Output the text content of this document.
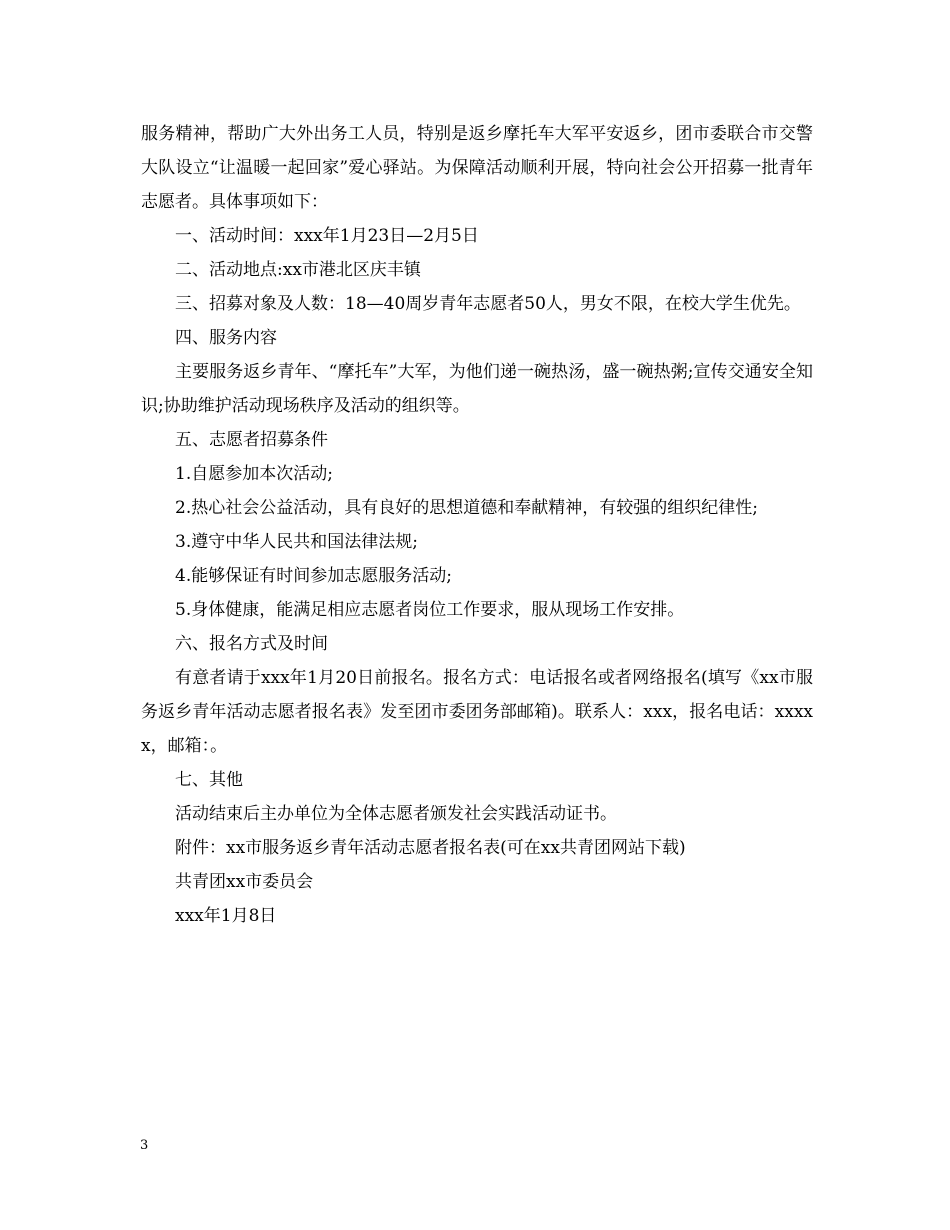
服务精神，帮助广大外出务工人员，特别是返乡摩托车大军平安返乡，团市委联合市交警大队设立“让温暖一起回家”爱心驿站。为保障活动顺利开展，特向社会公开招募一批青年志愿者。具体事项如下：

一、活动时间：xxx年1月23日—2月5日

二、活动地点:xx市港北区庆丰镇

三、招募对象及人数：18—40周岁青年志愿者50人，男女不限，在校大学生优先。

四、服务内容

主要服务返乡青年、“摩托车”大军，为他们递一碗热汤，盛一碗热粥;宣传交通安全知识;协助维护活动现场秩序及活动的组织等。

五、志愿者招募条件

1.自愿参加本次活动;

2.热心社会公益活动，具有良好的思想道德和奉献精神，有较强的组织纪律性;

3.遵守中华人民共和国法律法规;

4.能够保证有时间参加志愿服务活动;

5.身体健康，能满足相应志愿者岗位工作要求，服从现场工作安排。

六、报名方式及时间

有意者请于xxx年1月20日前报名。报名方式：电话报名或者网络报名(填写《xx市服务返乡青年活动志愿者报名表》发至团市委团务部邮箱)。联系人：xxx，报名电话：xxxxx，邮箱：。

七、其他

活动结束后主办单位为全体志愿者颁发社会实践活动证书。

附件：xx市服务返乡青年活动志愿者报名表(可在xx共青团网站下载)

共青团xx市委员会

xxx年1月8日

3
